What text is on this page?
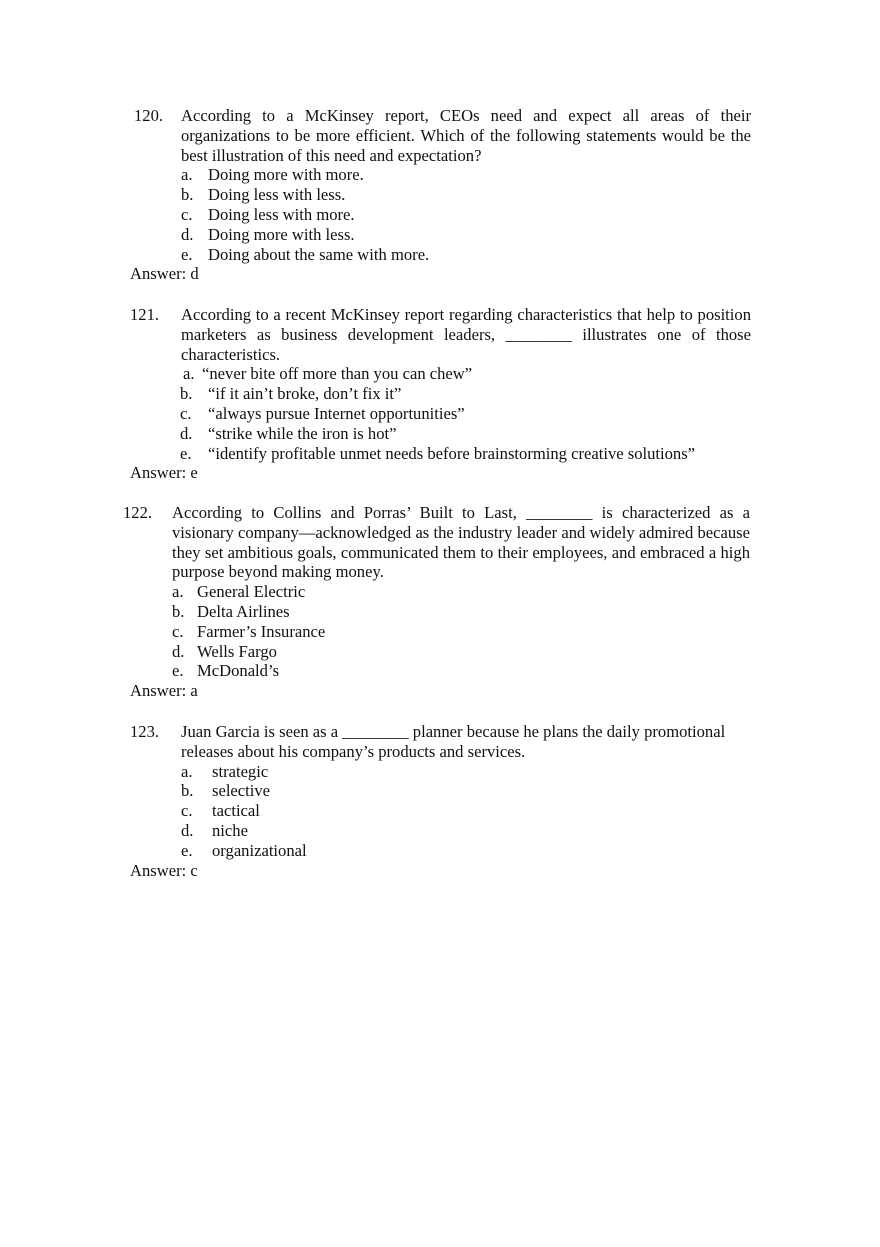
120. According to a McKinsey report, CEOs need and expect all areas of their organizations to be more efficient. Which of the following statements would be the best illustration of this need and expectation?
a. Doing more with more.
b. Doing less with less.
c. Doing less with more.
d. Doing more with less.
e. Doing about the same with more.
Answer: d
121. According to a recent McKinsey report regarding characteristics that help to position marketers as business development leaders, ________ illustrates one of those characteristics.
a. “never bite off more than you can chew”
b. “if it ain’t broke, don’t fix it”
c. “always pursue Internet opportunities”
d. “strike while the iron is hot”
e. “identify profitable unmet needs before brainstorming creative solutions”
Answer: e
122. According to Collins and Porras’ Built to Last, ________ is characterized as a visionary company—acknowledged as the industry leader and widely admired because they set ambitious goals, communicated them to their employees, and embraced a high purpose beyond making money.
a. General Electric
b. Delta Airlines
c. Farmer’s Insurance
d. Wells Fargo
e. McDonald’s
Answer: a
123. Juan Garcia is seen as a ________ planner because he plans the daily promotional releases about his company’s products and services.
a. strategic
b. selective
c. tactical
d. niche
e. organizational
Answer: c
